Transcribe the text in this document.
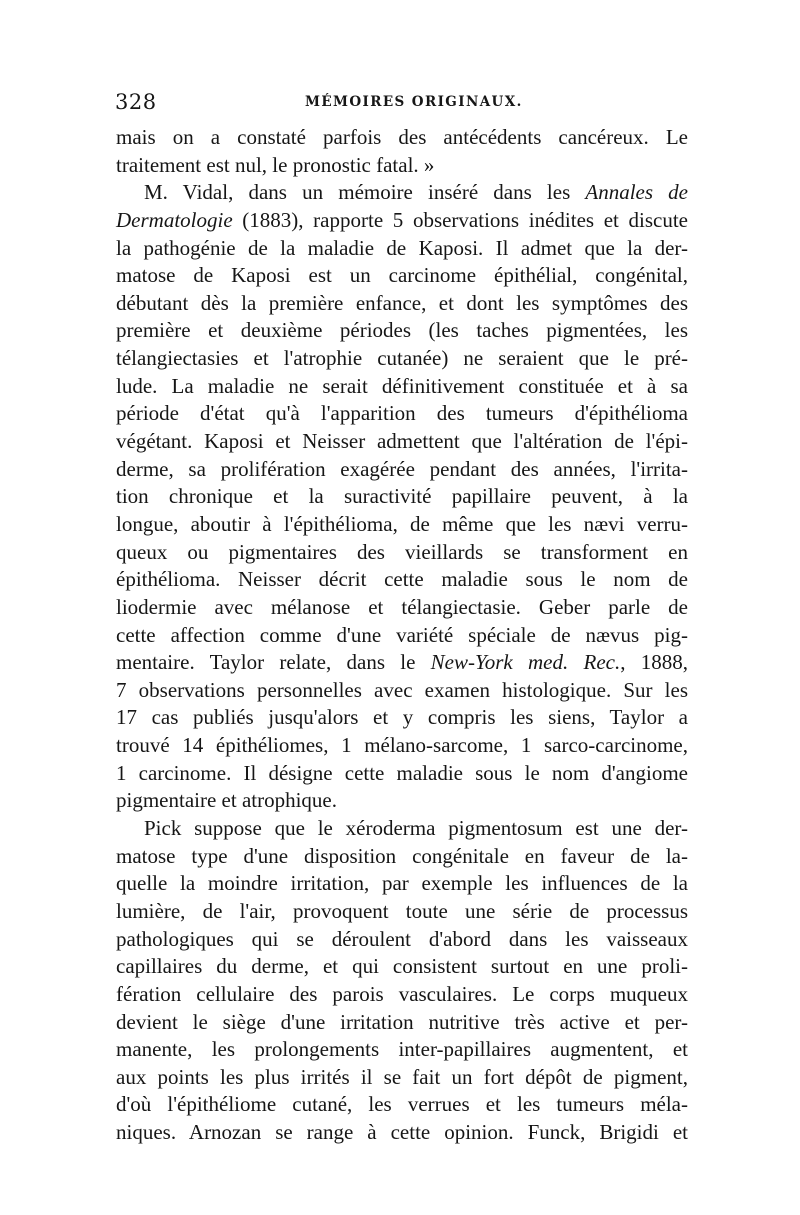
328	MÉMOIRES ORIGINAUX.
mais on a constaté parfois des antécédents cancéreux. Le
traitement est nul, le pronostic fatal. »
M. Vidal, dans un mémoire inséré dans les Annales de
Dermatologie (1883), rapporte 5 observations inédites et discute
la pathogénie de la maladie de Kaposi. Il admet que la der-
matose de Kaposi est un carcinome épithélial, congénital,
débutant dès la première enfance, et dont les symptômes des
première et deuxième périodes (les taches pigmentées, les
télangiectasies et l'atrophie cutanée) ne seraient que le pré-
lude. La maladie ne serait définitivement constituée et à sa
période d'état qu'à l'apparition des tumeurs d'épithélioma
végétant. Kaposi et Neisser admettent que l'altération de l'épi-
derme, sa prolifération exagérée pendant des années, l'irrita-
tion chronique et la suractivité papillaire peuvent, à la
longue, aboutir à l'épithélioma, de même que les nævi verru-
queux ou pigmentaires des vieillards se transforment en
épithélioma. Neisser décrit cette maladie sous le nom de
liodermie avec mélanose et télangiectasie. Geber parle de
cette affection comme d'une variété spéciale de nævus pig-
mentaire. Taylor relate, dans le New-York med. Rec., 1888,
7 observations personnelles avec examen histologique. Sur les
17 cas publiés jusqu'alors et y compris les siens, Taylor a
trouvé 14 épithéliomes, 1 mélano-sarcome, 1 sarco-carcinome,
1 carcinome. Il désigne cette maladie sous le nom d'angiome
pigmentaire et atrophique.
Pick suppose que le xéroderma pigmentosum est une der-
matose type d'une disposition congénitale en faveur de la-
quelle la moindre irritation, par exemple les influences de la
lumière, de l'air, provoquent toute une série de processus
pathologiques qui se déroulent d'abord dans les vaisseaux
capillaires du derme, et qui consistent surtout en une proli-
fération cellulaire des parois vasculaires. Le corps muqueux
devient le siège d'une irritation nutritive très active et per-
manente, les prolongements inter-papillaires augmentent, et
aux points les plus irrités il se fait un fort dépôt de pigment,
d'où l'épithéliome cutané, les verrues et les tumeurs méla-
niques. Arnozan se range à cette opinion. Funck, Brigidi et
